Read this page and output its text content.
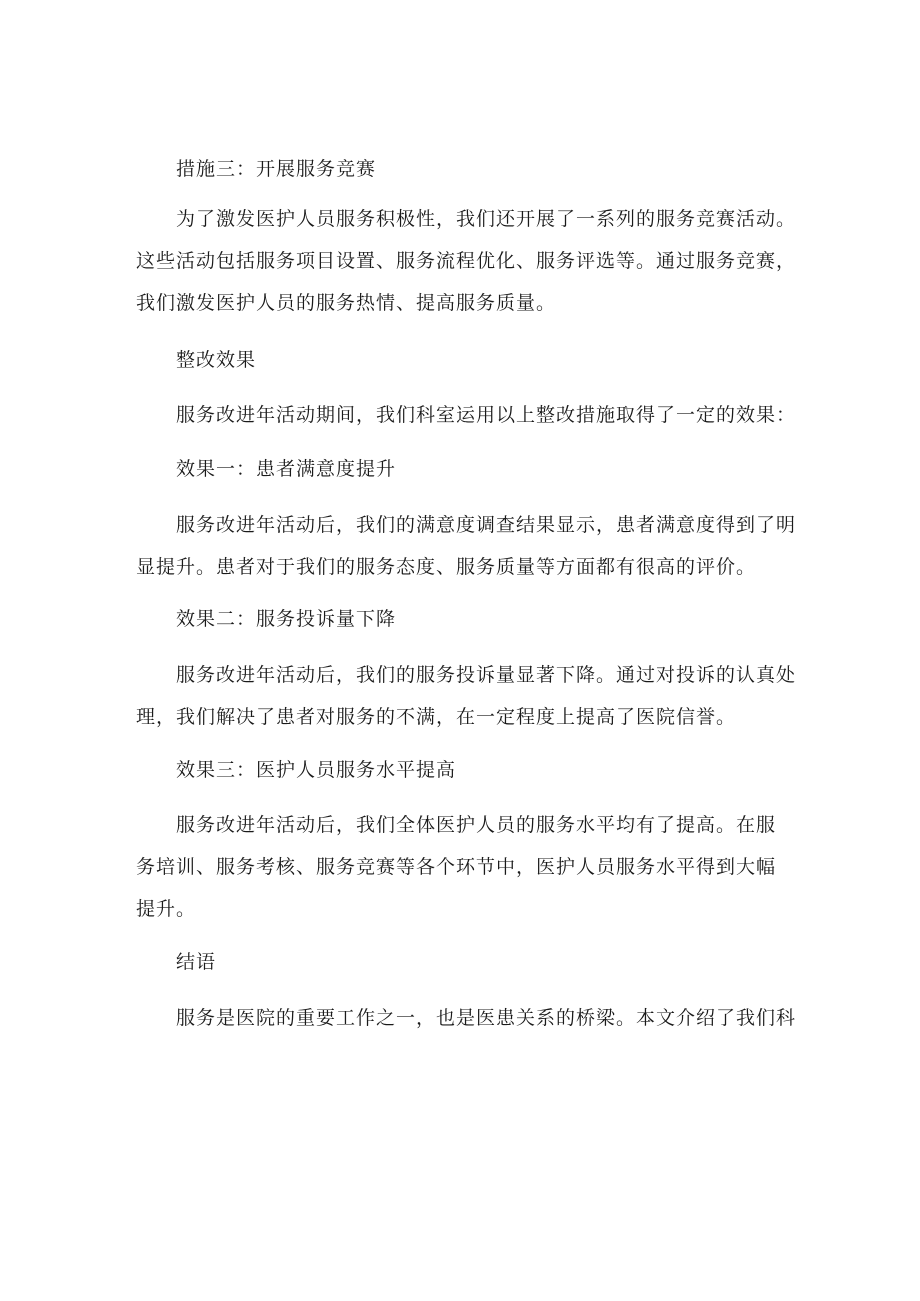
措施三：开展服务竞赛

为了激发医护人员服务积极性，我们还开展了一系列的服务竞赛活动。
这些活动包括服务项目设置、服务流程优化、服务评选等。通过服务竞赛，
我们激发医护人员的服务热情、提高服务质量。

整改效果

服务改进年活动期间，我们科室运用以上整改措施取得了一定的效果：

效果一：患者满意度提升

服务改进年活动后，我们的满意度调查结果显示，患者满意度得到了明
显提升。患者对于我们的服务态度、服务质量等方面都有很高的评价。

效果二：服务投诉量下降

服务改进年活动后，我们的服务投诉量显著下降。通过对投诉的认真处
理，我们解决了患者对服务的不满，在一定程度上提高了医院信誉。

效果三：医护人员服务水平提高

服务改进年活动后，我们全体医护人员的服务水平均有了提高。在服
务培训、服务考核、服务竞赛等各个环节中，医护人员服务水平得到大幅
提升。

结语

服务是医院的重要工作之一，也是医患关系的桥梁。本文介绍了我们科
